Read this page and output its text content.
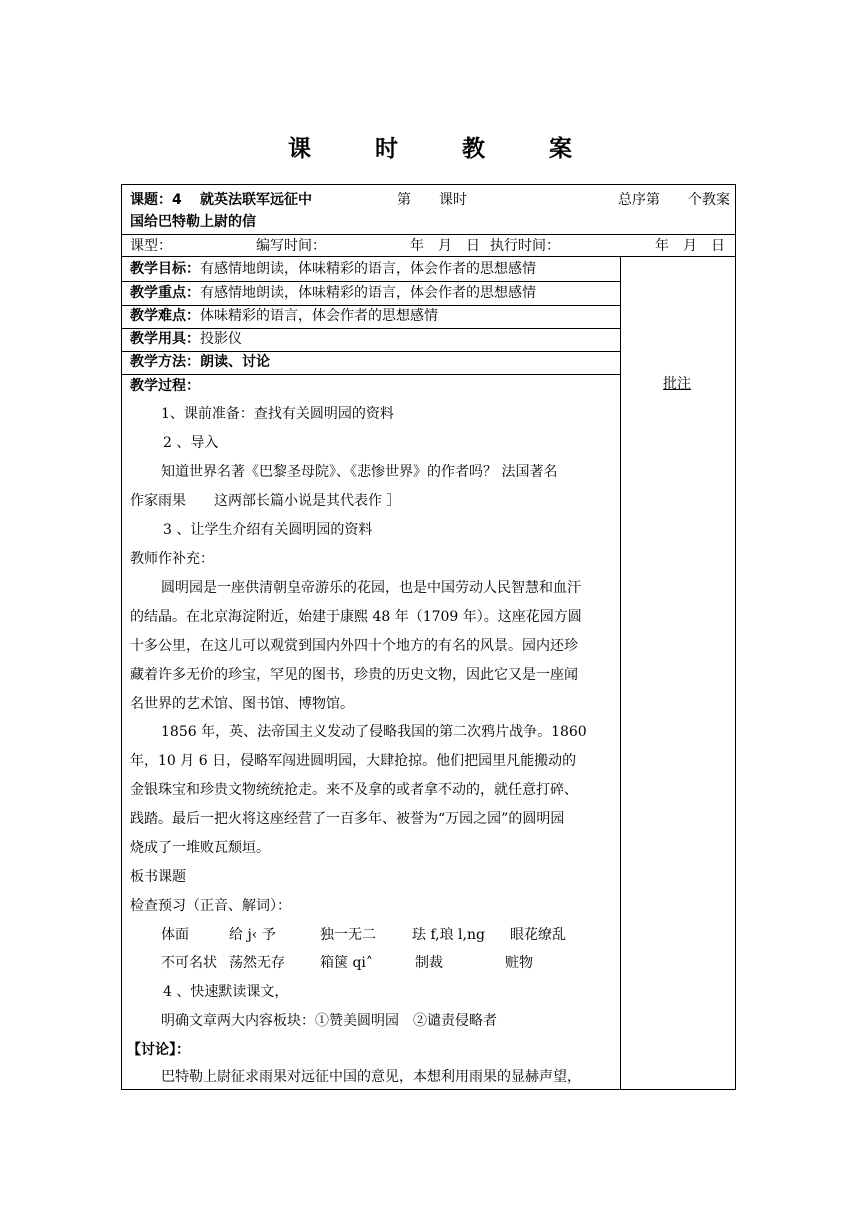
课 时 教 案
课题：4 就英法联军远征中
国给巴特勒上尉的信
第　　课时	总序第　　个教案
课型：	编写时间：	年　月　日 执行时间：	年　月　日
教学目标：有感情地朗读，体味精彩的语言，体会作者的思想感情
教学重点：有感情地朗读，体味精彩的语言，体会作者的思想感情
教学难点：体味精彩的语言，体会作者的思想感情
教学用具：投影仪
教学方法：朗读、讨论
批注
教学过程：
1、课前准备：查找有关圆明园的资料
2 、导入
知道世界名著《巴黎圣母院》、《悲惨世界》的作者吗？ 法国著名
作家雨果　　这两部长篇小说是其代表作 ］
3 、让学生介绍有关圆明园的资料
教师作补充：
圆明园是一座供清朝皇帝游乐的花园，也是中国劳动人民智慧和血汗
的结晶。在北京海淀附近，始建于康熙 48 年（1709 年）。这座花园方圆
十多公里，在这儿可以观赏到国内外四十个地方的有名的风景。园内还珍
藏着许多无价的珍宝，罕见的图书，珍贵的历史文物，因此它又是一座闻
名世界的艺术馆、图书馆、博物馆。
1856 年，英、法帝国主义发动了侵略我国的第二次鸦片战争。1860
年，10 月 6 日，侵略军闯进圆明园，大肆抢掠。他们把园里凡能搬动的
金银珠宝和珍贵文物统统抢走。来不及拿的或者拿不动的，就任意打碎、
践踏。最后一把火将这座经营了一百多年、被誉为“万园之园”的圆明园
烧成了一堆败瓦颓垣。
板书课题
检查预习（正音、解词）：
体面	给 j‹ 予	独一无二	珐 f,琅 l,ng 眼花缭乱
不可名状 荡然无存	箱箧 qi˄	制裁	赃物
4 、快速默读课文，
明确文章两大内容板块：①赞美圆明园　②谴责侵略者
【讨论】：
巴特勒上尉征求雨果对远征中国的意见，本想利用雨果的显赫声望，
